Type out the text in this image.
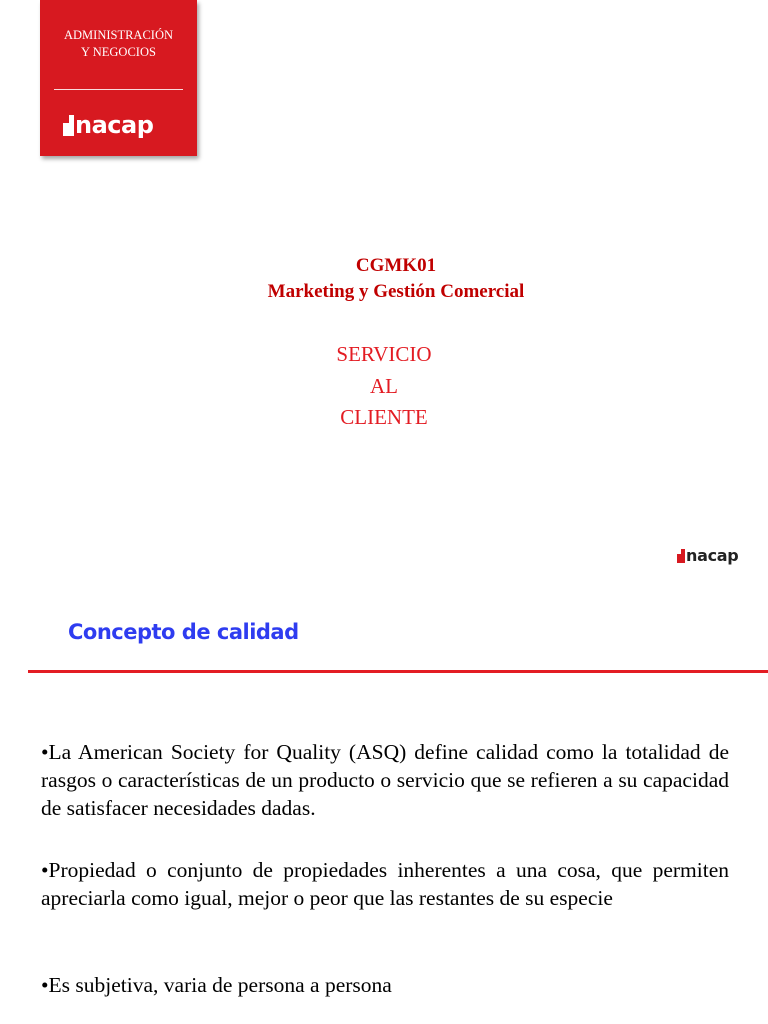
ADMINISTRACIÓN
Y NEGOCIOS
nacap
CGMK01
Marketing y Gestión Comercial
SERVICIO
AL
CLIENTE
nacap
Concepto de calidad
•La American Society for Quality (ASQ) define calidad como la totalidad de rasgos o características de un producto o servicio que se refieren a su capacidad de satisfacer necesidades dadas.
•Propiedad o conjunto de propiedades inherentes a una cosa, que permiten apreciarla como igual, mejor o peor que las restantes de su especie
•Es subjetiva, varia de persona a persona
